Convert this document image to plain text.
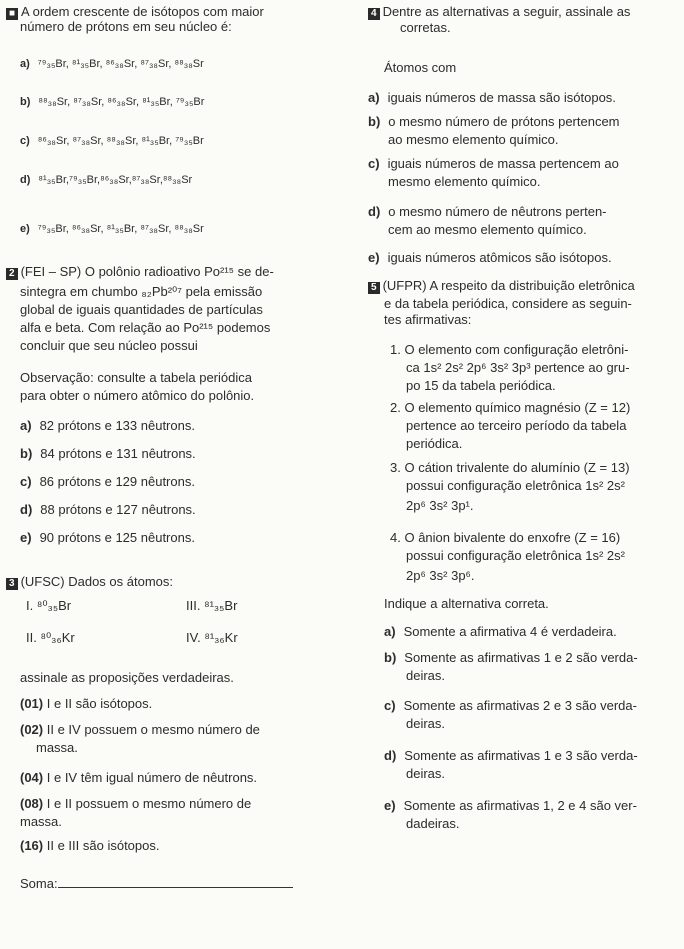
■ A ordem crescente de isótopos com maior
número de prótons em seu núcleo é:
a) ⁷⁹₃₅Br, ⁸¹₃₅Br, ⁸⁶₃₈Sr, ⁸⁷₃₈Sr, ⁸⁸₃₈Sr
b) ⁸⁸₃₈Sr, ⁸⁷₃₈Sr, ⁸⁶₃₈Sr, ⁸¹₃₅Br, ⁷⁹₃₅Br
c) ⁸⁶₃₈Sr, ⁸⁷₃₈Sr, ⁸⁸₃₈Sr, ⁸¹₃₅Br, ⁷⁹₃₅Br
d) ⁸¹₃₅Br,⁷⁹₃₅Br,⁸⁶₃₈Sr,⁸⁷₃₈Sr,⁸⁸₃₈Sr
e) ⁷⁹₃₅Br, ⁸⁶₃₈Sr, ⁸¹₃₅Br, ⁸⁷₃₈Sr, ⁸⁸₃₈Sr
2 (FEI – SP) O polônio radioativo Po²¹⁵ se de-
sintegra em chumbo ₈₂Pb²⁰⁷ pela emissão
global de iguais quantidades de partículas
alfa e beta. Com relação ao Po²¹⁵ podemos
concluir que seu núcleo possui
Observação: consulte a tabela periódica
para obter o número atômico do polônio.
a) 82 prótons e 133 nêutrons.
b) 84 prótons e 131 nêutrons.
c) 86 prótons e 129 nêutrons.
d) 88 prótons e 127 nêutrons.
e) 90 prótons e 125 nêutrons.
3 (UFSC) Dados os átomos:
I. ⁸⁰₃₅Br	III. ⁸¹₃₅Br
II. ⁸⁰₃₆Kr	IV. ⁸¹₃₆Kr
assinale as proposições verdadeiras.
(01) I e II são isótopos.
(02) II e IV possuem o mesmo número de
massa.
(04) I e IV têm igual número de nêutrons.
(08) I e II possuem o mesmo número de
massa.
(16) II e III são isótopos.
Soma:
4 Dentre as alternativas a seguir, assinale as
corretas.
Átomos com
a) iguais números de massa são isótopos.
b) o mesmo número de prótons pertencem
ao mesmo elemento químico.
c) iguais números de massa pertencem ao
mesmo elemento químico.
d) o mesmo número de nêutrons perten-
cem ao mesmo elemento químico.
e) iguais números atômicos são isótopos.
5 (UFPR) A respeito da distribuição eletrônica
e da tabela periódica, considere as seguin-
tes afirmativas:
1. O elemento com configuração eletrôni-
ca 1s² 2s² 2p⁶ 3s² 3p³ pertence ao gru-
po 15 da tabela periódica.
2. O elemento químico magnésio (Z = 12)
pertence ao terceiro período da tabela
periódica.
3. O cátion trivalente do alumínio (Z = 13)
possui configuração eletrônica 1s² 2s²
2p⁶ 3s² 3p¹.
4. O ânion bivalente do enxofre (Z = 16)
possui configuração eletrônica 1s² 2s²
2p⁶ 3s² 3p⁶.
Indique a alternativa correta.
a) Somente a afirmativa 4 é verdadeira.
b) Somente as afirmativas 1 e 2 são verda-
deiras.
c) Somente as afirmativas 2 e 3 são verda-
deiras.
d) Somente as afirmativas 1 e 3 são verda-
deiras.
e) Somente as afirmativas 1, 2 e 4 são ver-
dadeiras.
